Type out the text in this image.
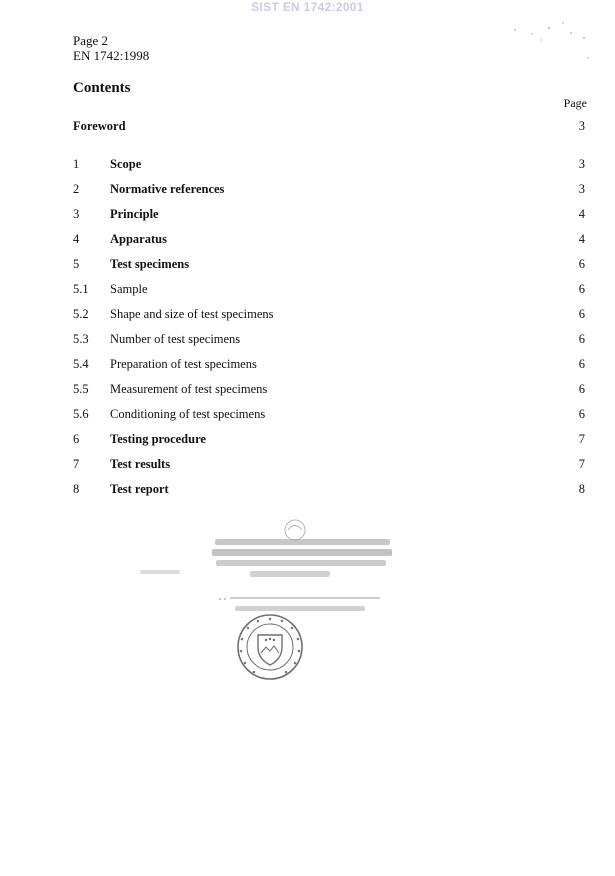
SIST EN 1742:2001
Page 2
EN 1742:1998
Contents
Page
Foreword	3
1 Scope	3
2 Normative references	3
3 Principle	4
4 Apparatus	4
5 Test specimens	6
5.1 Sample	6
5.2 Shape and size of test specimens	6
5.3 Number of test specimens	6
5.4 Preparation of test specimens	6
5.5 Measurement of test specimens	6
5.6 Conditioning of test specimens	6
6 Testing procedure	7
7 Test results	7
8 Test report	8
